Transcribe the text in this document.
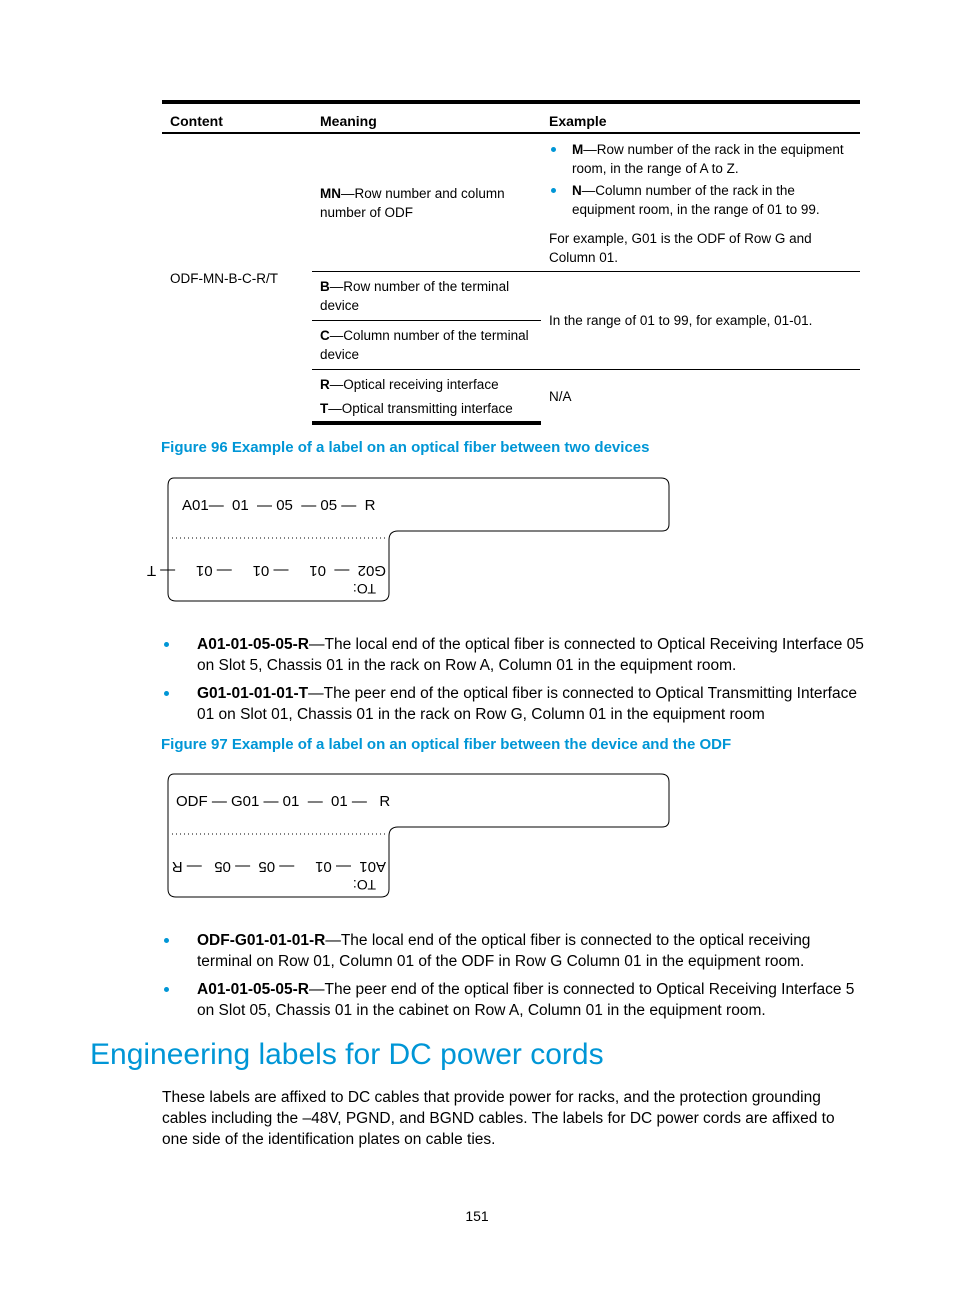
Content	Meaning	Example
ODF-MN-B-C-R/T	MN—Row number and column number of ODF	M—Row number of the rack in the equipment room, in the range of A to Z.
N—Column number of the rack in the equipment room, in the range of 01 to 99.
For example, G01 is the ODF of Row G and Column 01.

	B—Row number of the terminal device	In the range of 01 to 99, for example, 01-01.
	C—Column number of the terminal device	
	R—Optical receiving interface	N/A
	T—Optical transmitting interface	
Figure 96 Example of a label on an optical fiber between two devices
A01—  01  — 05  — 05 —  R
G02  —  01     — 01     — 01     — T
TO:
A01-01-05-05-R—The local end of the optical fiber is connected to Optical Receiving Interface 05 on Slot 5, Chassis 01 in the rack on Row A, Column 01 in the equipment room.
G01-01-01-01-T—The peer end of the optical fiber is connected to Optical Transmitting Interface 01 on Slot 01, Chassis 01 in the rack on Row G, Column 01 in the equipment room
Figure 97 Example of a label on an optical fiber between the device and the ODF
ODF — G01 — 01  —  01 —   R
A01  — 01     — 05  — 05   — R
TO:
ODF-G01-01-01-R—The local end of the optical fiber is connected to the optical receiving terminal on Row 01, Column 01 of the ODF in Row G Column 01 in the equipment room.
A01-01-05-05-R—The peer end of the optical fiber is connected to Optical Receiving Interface 5 on Slot 05, Chassis 01 in the cabinet on Row A, Column 01 in the equipment room.
Engineering labels for DC power cords
These labels are affixed to DC cables that provide power for racks, and the protection grounding cables including the –48V, PGND, and BGND cables. The labels for DC power cords are affixed to one side of the identification plates on cable ties.
151
